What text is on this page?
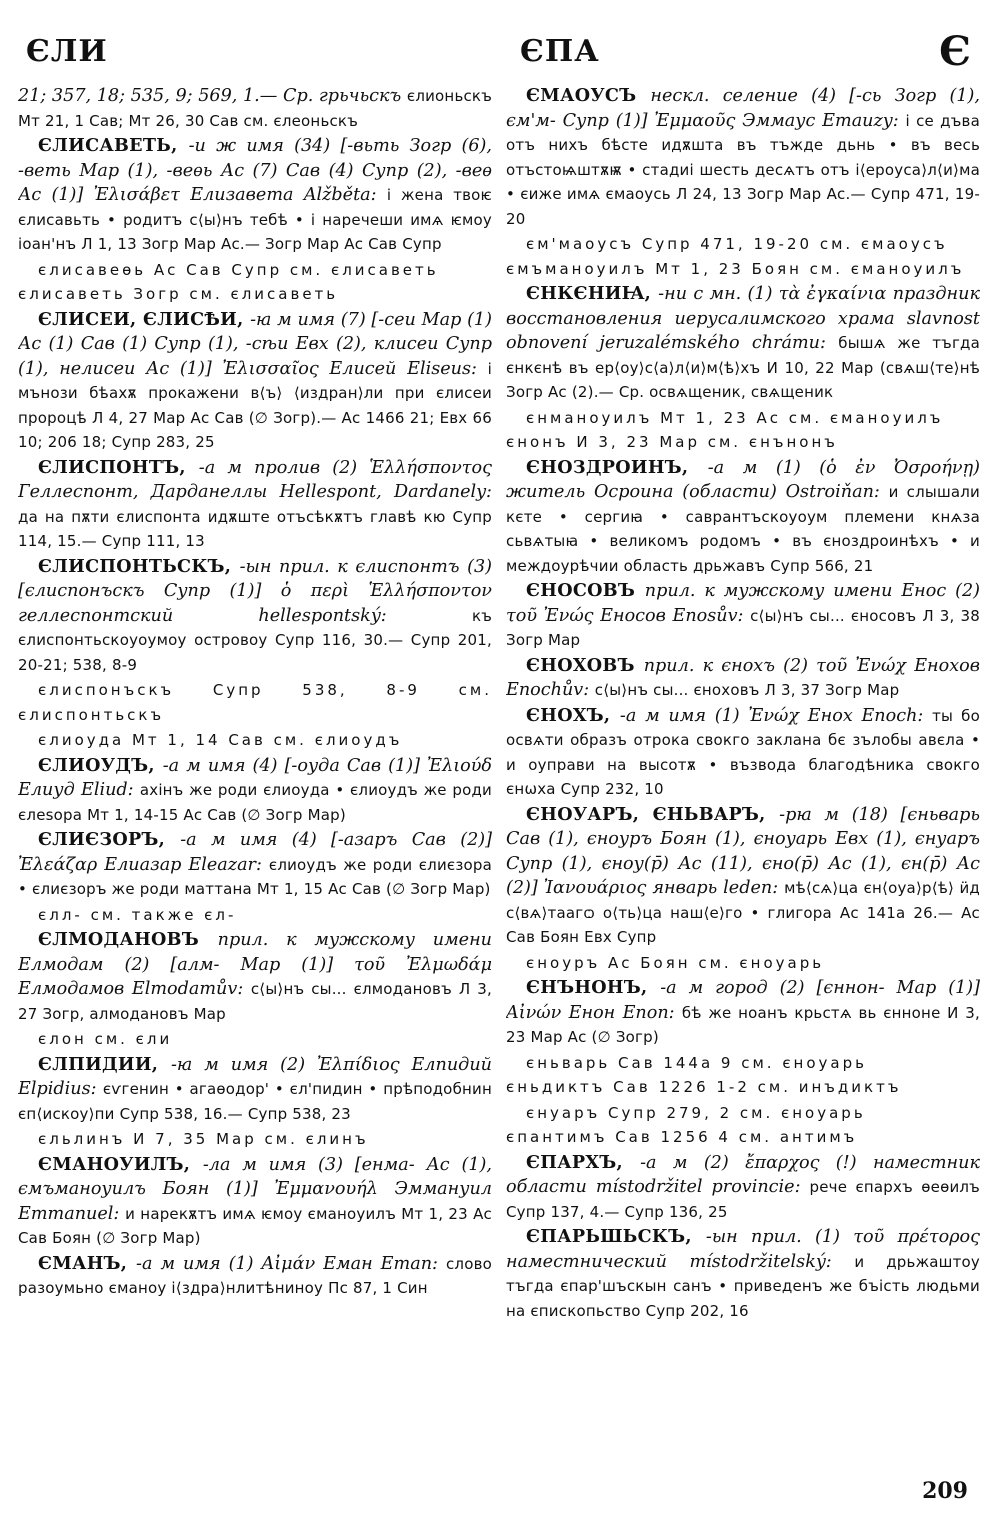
ЄЛИ	ЄПА	Є

21; 357, 18; 535, 9; 569, 1.— Ср. грьчьскъ єлионьскъ Мт 21, 1 Сав; Мт 26, 30 Сав см. єлеоньскъ

ЄЛИСАВЕТЬ, -и ж имя (34) [-вьть Зогр (6), -веть Мар (1), -веѳь Ас (7) Сав (4) Супр (2), -веѳ Ас (1)] Ἐλισάβετ Елизавета Alžběta: і жена твоѥ єлисавьть • родитъ с⟨ы⟩нъ тебѣ • і наречеши имѧ ѥмоу іоан'нъ Л 1, 13 Зогр Мар Ас.— Зогр Мар Ас Сав Супр

єлисавеѳь Ас Сав Супр см. єлисаветь
єлисаветь Зогр см. єлисаветь

ЄЛИСЕИ, ЄЛИСѢИ, -ꙗ м имя (7) [-сеи Мар (1) Ас (1) Сав (1) Супр (1), -сѣи Евх (2), клисеи Супр (1), нелисеи Ас (1)] Ἐλισσαῖος Елисей Eliseus: і мънози бѣахѫ прокажени в⟨ъ⟩ ⟨издран⟩ли при єлисеи пророцѣ Л 4, 27 Мар Ас Сав (∅ Зогр).— Ас 1466 21; Евх 66 10; 206 18; Супр 283, 25

ЄЛИСПОНТЪ, -а м пролив (2) Ἑλλήσποντος Геллеспонт, Дарданеллы Hellespont, Dardanely: да на пѫти єлиспонта идѫште отъсѣкѫтъ главѣ кю Супр 114, 15.— Супр 111, 13

ЄЛИСПОНТЬСКЪ, -ын прил. к єлиспонтъ (3) [єлиспонъскъ Супр (1)] ὁ περὶ Ἑλλήσποντον геллеспонтский hellespontský: къ єлиспонтьскоуоумоу островоу Супр 116, 30.— Супр 201, 20-21; 538, 8-9

єлиспонъскъ Супр 538, 8-9 см. єлиспонтьскъ

єлиоуда Мт 1, 14 Сав см. єлиоудъ

ЄЛИОУДЪ, -а м имя (4) [-оуда Сав (1)] Ἐλιούδ Елиуд Eliud: ахінъ же роди єлиоуда • єлиоудъ же роди єлеѕора Мт 1, 14-15 Ас Сав (∅ Зогр Мар)

ЄЛИЄЗОРЪ, -а м имя (4) [-азаръ Сав (2)] Ἐλεάζαρ Елиазар Eleazar: єлиоудъ же роди єлиєзора • єлиєзоръ же роди маттана Мт 1, 15 Ас Сав (∅ Зогр Мар)

єлл- см. также єл-

ЄЛМОДАНОВЪ прил. к мужскому имени Елмодам (2) [алм- Мар (1)] τοῦ Ἐλμωδάμ Елмодамов Elmodamův: с⟨ы⟩нъ сы... єлмодановъ Л 3, 27 Зогр, алмодановъ Мар

єлон см. єли

ЄЛПИДИИ, -ꙗ м имя (2) Ἐλπίδιος Елпидий Elpidius: єѵгенин • агаѳодор' • єл'пидин • прѣподобнин єп⟨искоу⟩пи Супр 538, 16.— Супр 538, 23

єльлинъ И 7, 35 Мар см. єлинъ

ЄМАНОУИЛЪ, -ла м имя (3) [енма- Ас (1), ємъманоуилъ Боян (1)] Ἐμμανουήλ Эммануил Emmanuel: и нарекѫтъ имѧ ѥмоу єманоуилъ Мт 1, 23 Ас Сав Боян (∅ Зогр Мар)

ЄМАНЪ, -а м имя (1) Αἰμάν Еман Eman: слово разоумьно єманоу і⟨здра⟩нлитѣниноу Пс 87, 1 Син

ЄМАОУСЪ нескл. селение (4) [-сь Зогр (1), єм'м- Супр (1)] Ἐμμαοῦς Эммаус Emauzy: і се дъва отъ нихъ бѣсте идѫшта въ тъжде дьнь • въ весь отъстоѩштѫѭ • стадиі шесть десѧтъ отъ і⟨ероуса⟩л⟨и⟩ма • єиже имѧ ємаоусь Л 24, 13 Зогр Мар Ас.— Супр 471, 19-20

єм'маоусъ Супр 471, 19-20 см. ємаоусъ
ємъманоуилъ Мт 1, 23 Боян см. єманоуилъ

ЄНКЄНИꙖ, -ни с мн. (1) τὰ ἐγκαίνια праздник восстановления иерусалимского храма slavnost obnovení jeruzalémského chrámu: бышѧ же тъгда єнкєнѣ въ ер⟨оу⟩с⟨а⟩л⟨и⟩м⟨ѣ⟩хъ И 10, 22 Мар (свѧш⟨те⟩нѣ Зогр Ас (2).— Ср. освѧщеник, свѧщеник

єнманоуилъ Мт 1, 23 Ас см. єманоуилъ
єнонъ И 3, 23 Мар см. єнънонъ

ЄНОЗДРОИНЪ, -а м (1) (ὁ ἐν Ὀσροήνῃ) житель Осроина (области) Ostroiňan: и слышали кєте • сергиꙗ • саврантъскоуоум племени кнѧза сьвѧтыꙗ • великомъ родомъ • въ єноздроинѣхъ • и междоурѣчии область дрьжавъ Супр 566, 21

ЄНОСОВЪ прил. к мужскому имени Енос (2) τοῦ Ἐνώς Еносов Enosův: с⟨ы⟩нъ сы... єносовъ Л 3, 38 Зогр Мар

ЄНОХОВЪ прил. к єнохъ (2) τοῦ Ἐνώχ Енохов Enochův: с⟨ы⟩нъ сы... єноховъ Л 3, 37 Зогр Мар

ЄНОХЪ, -а м имя (1) Ἐνώχ Енох Enoch: ты бо освѧти образъ отрока свокго заклана бє зълобы авєла • и оуправи на высотѫ • възвода благодѣника свокго єнωха Супр 232, 10

ЄНОУАРЪ, ЄНЬВАРЪ, -рꙗ м (18) [єньварь Сав (1), єноуръ Боян (1), єноуарь Евх (1), єнуаръ Супр (1), єноу(р̄) Ас (11), єно(р̄) Ас (1), єн(р̄) Ас (2)] Ἰανουάριος январь leden: мѣ⟨сѧ⟩ца єн⟨оуа⟩р⟨ѣ⟩ ӥд с⟨вѧ⟩таагѻ о⟨ть⟩ца наш⟨е⟩го • глигора Ас 141а 26.— Ас Сав Боян Евх Супр

єноуръ Ас Боян см. єноуарь

ЄНЪНОНЪ, -а м город (2) [єннон- Мар (1)] Αἰνών Енон Enon: бѣ же ноанъ крьстѧ вь єнноне И 3, 23 Мар Ас (∅ Зогр)

єньварь Сав 144а 9 см. єноуарь
єньдиктъ Сав 1226 1-2 см. инъдиктъ

єнуаръ Супр 279, 2 см. єноуарь
єпантимъ Сав 1256 4 см. антимъ

ЄПАРХЪ, -а м (2) ἔπαρχος (!) наместник области místodržitel provincie: рече єпархъ ѳеѳилъ Супр 137, 4.— Супр 136, 25

ЄПАРЬШЬСКЪ, -ын прил. (1) τοῦ πρέτορος наместнический místodržitelský: и дрьжаштоу тъгда єпар'шъскын санъ • приведенъ же бъість людьми на єпископьство Супр 202, 16

209
